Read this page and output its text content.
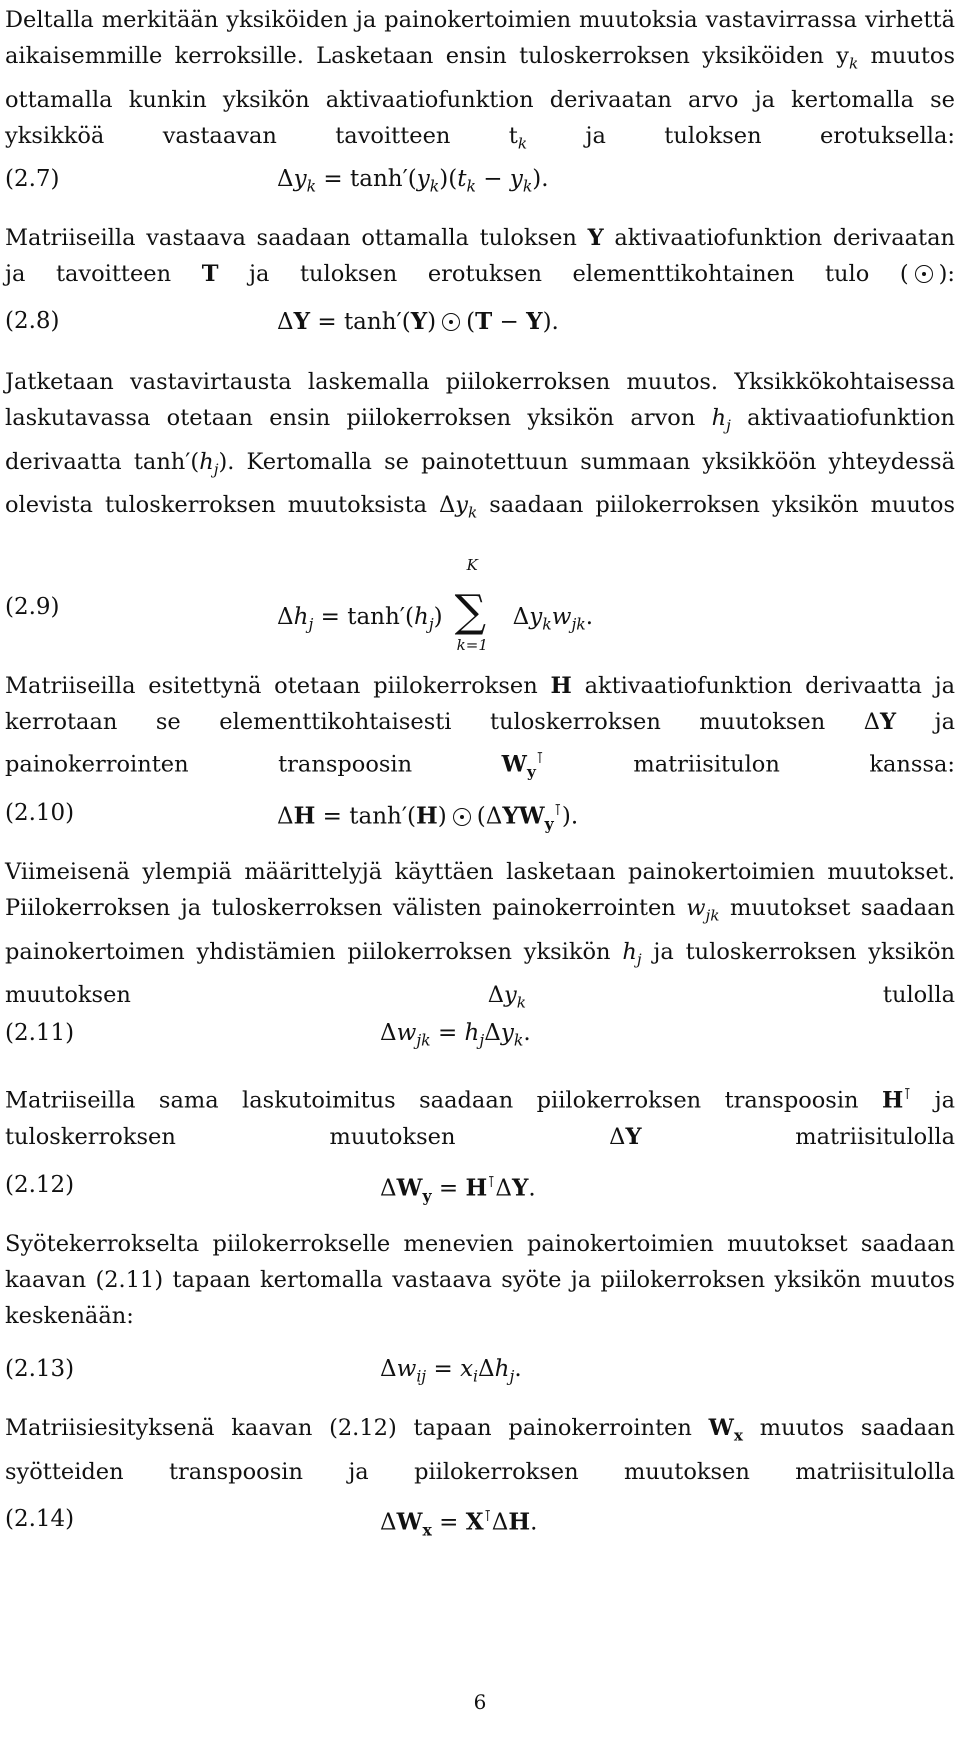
Deltalla merkitään yksiköiden ja painokertoimien muutoksia vastavirrassa virhettä aikaisemmille kerroksille. Lasketaan ensin tuloskerroksen yksiköiden $y_k$ muutos ottamalla kunkin yksikön aktivaatiofunktion derivaatan arvo ja kertomalla se yksikköä vastaavan tavoitteen $t_k$ ja tuloksen erotuksella:

(2.7)	$\Delta y_k = \tanh'(y_k)(t_k - y_k)$.

Matriiseilla vastaava saadaan ottamalla tuloksen Y aktivaatiofunktion derivaatan ja tavoitteen T ja tuloksen erotuksen elementtikohtainen tulo ( ):

(2.8)	ΔY = tanh′(Y) (T − Y).

Jatketaan vastavirtausta laskemalla piilokerroksen muutos. Yksikkökohtaisessa laskutavassa otetaan ensin piilokerroksen yksikön arvon $h_j$ aktivaatiofunktion derivaatta $\tanh'(h_j)$. Kertomalla se painotettuun summaan yksikköön yhteydessä olevista tuloskerroksen muutoksista $\Delta y_k$ saadaan piilokerroksen yksikön muutos

(2.9)	$\Delta h_j = \tanh'(h_j)$
K
∑
k=1
$\Delta y_kw_{jk}$.

Matriiseilla esitettynä otetaan piilokerroksen H aktivaatiofunktion derivaatta ja kerrotaan se elementtikohtaisesti tuloskerroksen muutoksen ΔY ja painokerrointen transpoosin	$W_y^⊺$	matriisitulon kanssa:

(2.10)	ΔH = tanh′(H) $(\Delta YW_y^⊺)$.

Viimeisenä ylempiä määrittelyjä käyttäen lasketaan painokertoimien muutokset. Piilokerroksen ja tuloskerroksen välisten painokerrointen $w_{jk}$ muutokset saadaan painokertoimen yhdistämien piilokerroksen yksikön $h_j$ ja tuloskerroksen yksikön muutoksen $\Delta y_k$	tulolla

(2.11)	$\Delta w_{jk} = h_j\Delta y_k$.

Matriiseilla sama laskutoimitus saadaan piilokerroksen transpoosin H⊺ ja tuloskerroksen muutoksen ΔY	matriisitulolla

(2.12)	$\Delta W_y = H^⊺\Delta Y$.

Syötekerrokselta piilokerrokselle menevien painokertoimien muutokset saadaan kaavan (2.11) tapaan kertomalla vastaava syöte ja piilokerroksen yksikön muutos keskenään:

(2.13)	$\Delta w_{ij} = x_i\Delta h_j$.

Matriisiesityksenä kaavan (2.12) tapaan painokerrointen $W_x$ muutos saadaan syötteiden transpoosin ja piilokerroksen muutoksen matriisitulolla

(2.14)	$\Delta W_x = X^⊺\Delta H$.
6
